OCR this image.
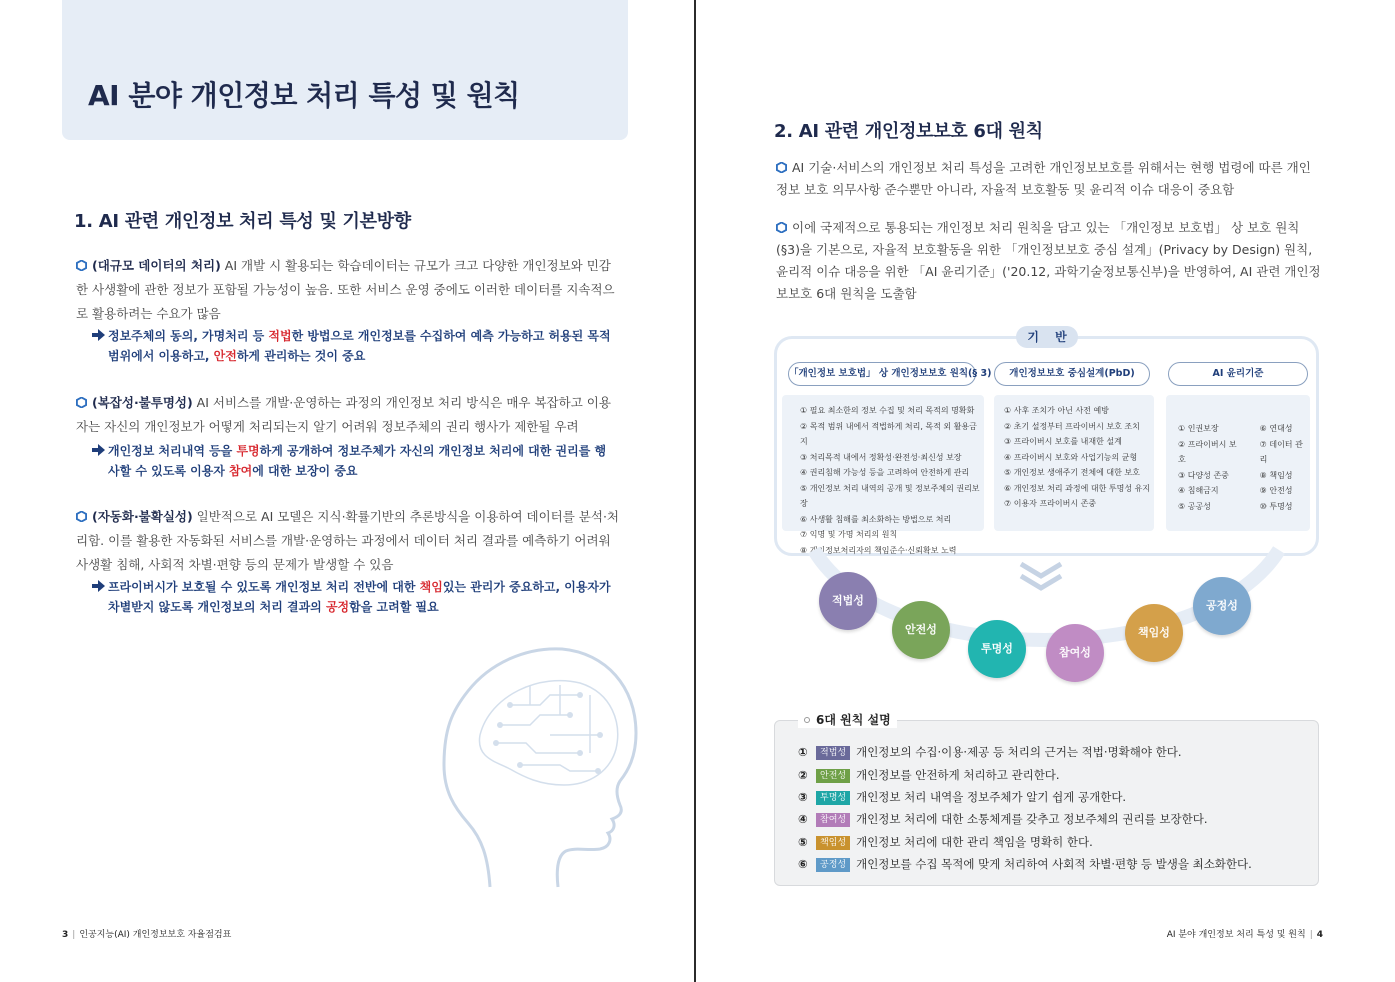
AI 분야 개인정보 처리 특성 및 원칙
1. AI 관련 개인정보 처리 특성 및 기본방향
(대규모 데이터의 처리) AI 개발 시 활용되는 학습데이터는 규모가 크고 다양한 개인정보와 민감한 사생활에 관한 정보가 포함될 가능성이 높음. 또한 서비스 운영 중에도 이러한 데이터를 지속적으로 활용하려는 수요가 많음
정보주체의 동의, 가명처리 등 적법한 방법으로 개인정보를 수집하여 예측 가능하고 허용된 목적 범위에서 이용하고, 안전하게 관리하는 것이 중요
(복잡성·불투명성) AI 서비스를 개발·운영하는 과정의 개인정보 처리 방식은 매우 복잡하고 이용자는 자신의 개인정보가 어떻게 처리되는지 알기 어려워 정보주체의 권리 행사가 제한될 우려
개인정보 처리내역 등을 투명하게 공개하여 정보주체가 자신의 개인정보 처리에 대한 권리를 행사할 수 있도록 이용자 참여에 대한 보장이 중요
(자동화·불확실성) 일반적으로 AI 모델은 지식·확률기반의 추론방식을 이용하여 데이터를 분석·처리함. 이를 활용한 자동화된 서비스를 개발·운영하는 과정에서 데이터 처리 결과를 예측하기 어려워 사생활 침해, 사회적 차별·편향 등의 문제가 발생할 수 있음
프라이버시가 보호될 수 있도록 개인정보 처리 전반에 대한 책임있는 관리가 중요하고, 이용자가 차별받지 않도록 개인정보의 처리 결과의 공정함을 고려할 필요
3 | 인공지능(AI) 개인정보보호 자율점검표
2. AI 관련 개인정보보호 6대 원칙
AI 기술·서비스의 개인정보 처리 특성을 고려한 개인정보보호를 위해서는 현행 법령에 따른 개인정보 보호 의무사항 준수뿐만 아니라, 자율적 보호활동 및 윤리적 이슈 대응이 중요함
이에 국제적으로 통용되는 개인정보 처리 원칙을 담고 있는 「개인정보 보호법」 상 보호 원칙(§3)을 기본으로, 자율적 보호활동을 위한 「개인정보보호 중심 설계」(Privacy by Design) 원칙, 윤리적 이슈 대응을 위한 「AI 윤리기준」('20.12, 과학기술정보통신부)을 반영하여, AI 관련 개인정보보호 6대 원칙을 도출함
기 반
「개인정보 보호법」 상 개인정보보호 원칙(§ 3)
① 필요 최소한의 정보 수집 및 처리 목적의 명확화
② 목적 범위 내에서 적법하게 처리, 목적 외 활용금지
③ 처리목적 내에서 정확성·완전성·최신성 보장
④ 권리침해 가능성 등을 고려하여 안전하게 관리
⑤ 개인정보 처리 내역의 공개 및 정보주체의 권리보장
⑥ 사생활 침해를 최소화하는 방법으로 처리
⑦ 익명 및 가명 처리의 원칙
⑧ 개인정보처리자의 책임준수·신뢰확보 노력
개인정보보호 중심설계(PbD)
① 사후 조치가 아닌 사전 예방
② 초기 설정부터 프라이버시 보호 조치
③ 프라이버시 보호를 내재한 설계
④ 프라이버시 보호와 사업기능의 균형
⑤ 개인정보 생애주기 전체에 대한 보호
⑥ 개인정보 처리 과정에 대한 투명성 유지
⑦ 이용자 프라이버시 존중
AI 윤리기준
① 인권보장
② 프라이버시 보호
③ 다양성 존중
④ 침해금지
⑤ 공공성
⑥ 연대성
⑦ 데이터 관리
⑧ 책임성
⑨ 안전성
⑩ 투명성
적법성
안전성
투명성	참여성
책임성
공정성
6대 원칙 설명
① 적법성 개인정보의 수집·이용·제공 등 처리의 근거는 적법·명확해야 한다.
② 안전성 개인정보를 안전하게 처리하고 관리한다.
③ 투명성 개인정보 처리 내역을 정보주체가 알기 쉽게 공개한다.
④ 참여성 개인정보 처리에 대한 소통체계를 갖추고 정보주체의 권리를 보장한다.
⑤ 책임성 개인정보 처리에 대한 관리 책임을 명확히 한다.
⑥ 공정성 개인정보를 수집 목적에 맞게 처리하여 사회적 차별·편향 등 발생을 최소화한다.
AI 분야 개인정보 처리 특성 및 원칙 | 4
